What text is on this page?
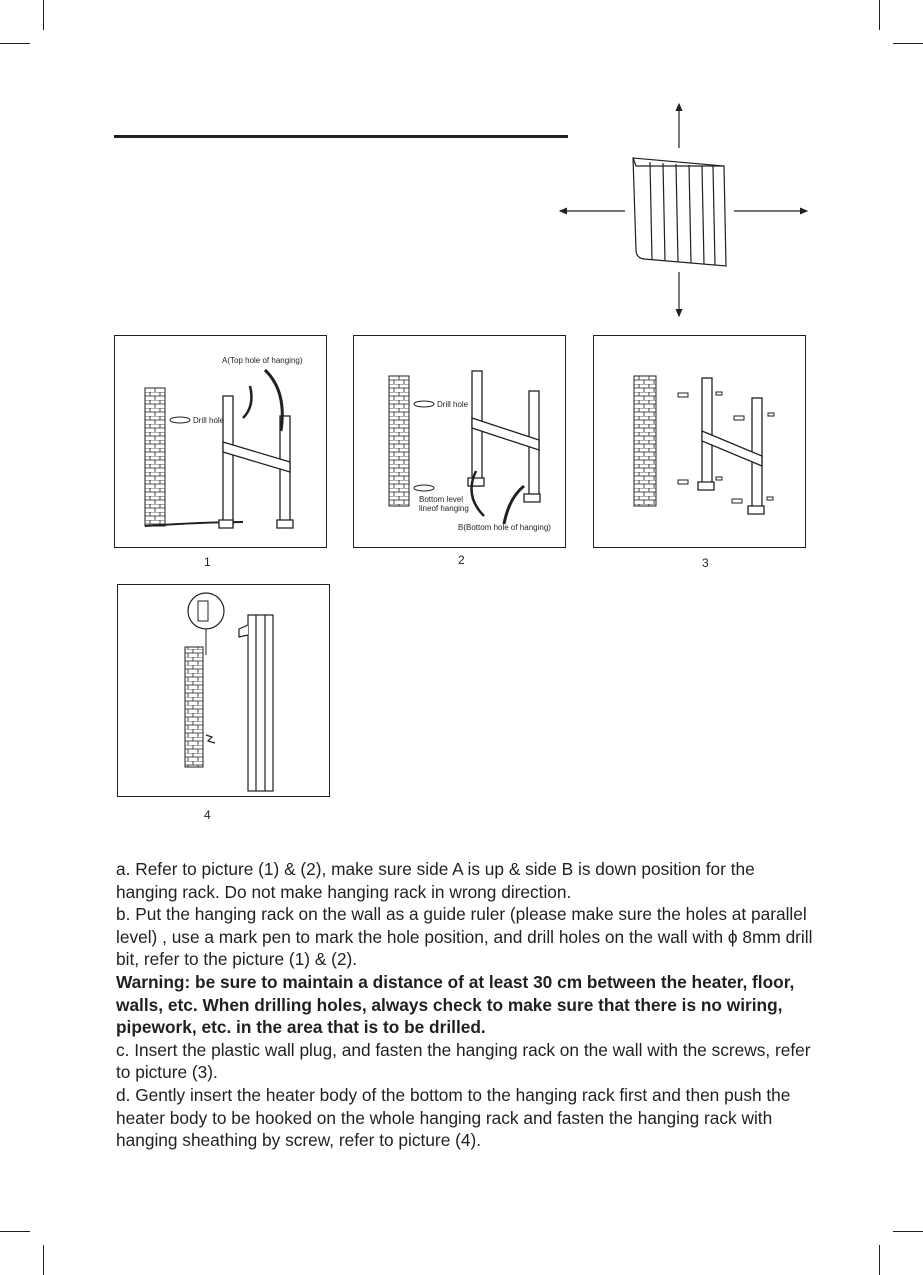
A(Top hole of hanging)
Drill hole
1
Drill hole
Bottom level
lineof hanging
B(Bottom hole of hanging)
2	3
4

a. Refer to picture (1) & (2), make sure side A is up & side B is down position for the hanging rack. Do not make hanging rack in wrong direction.

b. Put the hanging rack on the wall as a guide ruler (please make sure the holes at parallel level) , use a mark pen to mark the hole position, and drill holes on the wall with ϕ 8mm drill bit, refer to the picture (1) & (2).

Warning: be sure to maintain a distance of at least 30 cm between the heater, floor, walls, etc. When drilling holes, always check to make sure that there is no wiring, pipework, etc. in the area that is to be drilled.

c. Insert the plastic wall plug, and fasten the hanging rack on the wall with the screws, refer to picture (3).

d. Gently insert the heater body of the bottom to the hanging rack first and then push the heater body to be hooked on the whole hanging rack and fasten the hanging rack with hanging sheathing by screw, refer to picture (4).
